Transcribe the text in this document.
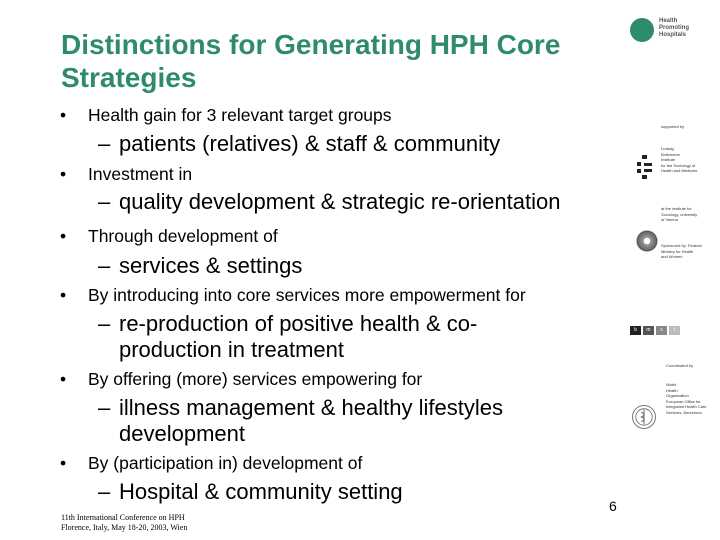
Health
Promoting
Hospitals
Distinctions for Generating HPH Core Strategies
• Health gain for 3 relevant target groups
– patients (relatives) & staff & community
• Investment in
– quality development & strategic re-orientation
• Through development of
– services & settings
• By introducing into core services more empowerment for
– re-production of positive health & co-production in treatment
• By offering (more) services empowering for
– illness management & healthy lifestyles development
• By (participation in) development of
– Hospital & community setting
supported by
Ludwig
Boltzmann
Institute
for the Sociology of
Health and Medicine
at the institute for
Sociology, university
of Vienna
Sponsored by: Federal
Ministry for Health
and Women
b m s f
Coordinated by
World
Health
Organization
European Office for
Integrated Health Care
Services, Barcelona
6
11th International Conference on HPH
Florence, Italy, May 18-20, 2003, Wien
